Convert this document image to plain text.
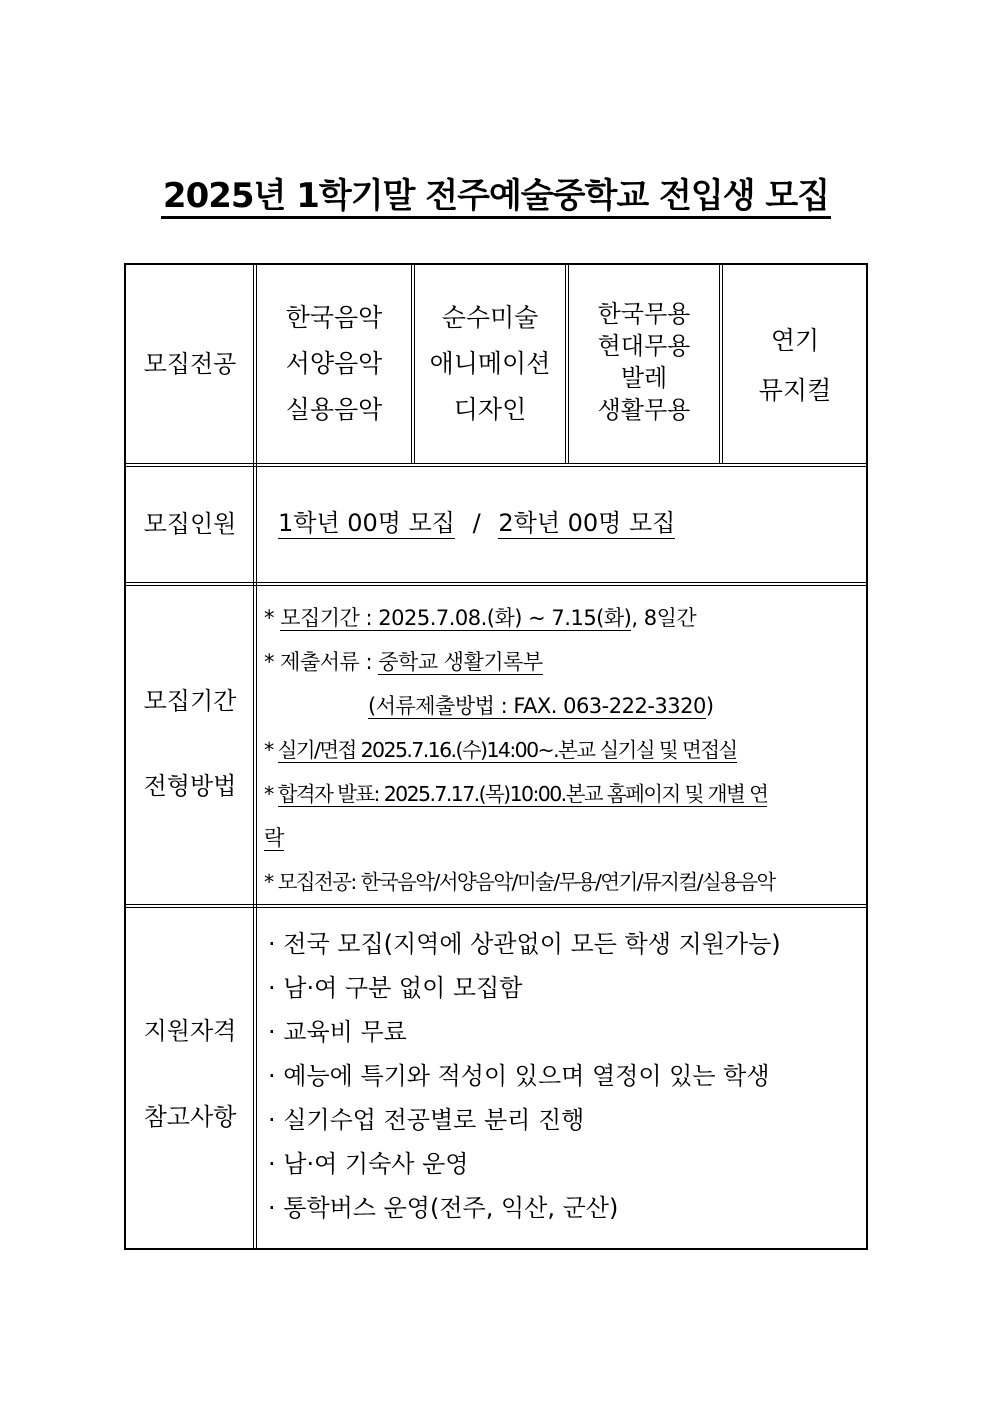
2025년 1학기말 전주예술중학교 전입생 모집
모집전공
한국음악
서양음악
실용음악
순수미술
애니메이션
디자인
한국무용
현대무용
발레
생활무용
연기
뮤지컬
모집인원	1학년 00명 모집 / 2학년 00명 모집
모집기간
전형방법
* 모집기간 : 2025.7.08.(화) ~ 7.15(화), 8일간
* 제출서류 : 중학교 생활기록부
(서류제출방법 : FAX. 063-222-3320)
* 실기/면접 2025.7.16.(수)14:00~.본교 실기실 및 면접실
* 합격자 발표: 2025.7.17.(목)10:00.본교 홈페이지 및 개별 연
락
* 모집전공: 한국음악/서양음악/미술/무용/연기/뮤지컬/실용음악
지원자격
참고사항
· 전국 모집(지역에 상관없이 모든 학생 지원가능)
· 남·여 구분 없이 모집함
· 교육비 무료
· 예능에 특기와 적성이 있으며 열정이 있는 학생
· 실기수업 전공별로 분리 진행
· 남·여 기숙사 운영
· 통학버스 운영(전주, 익산, 군산)
